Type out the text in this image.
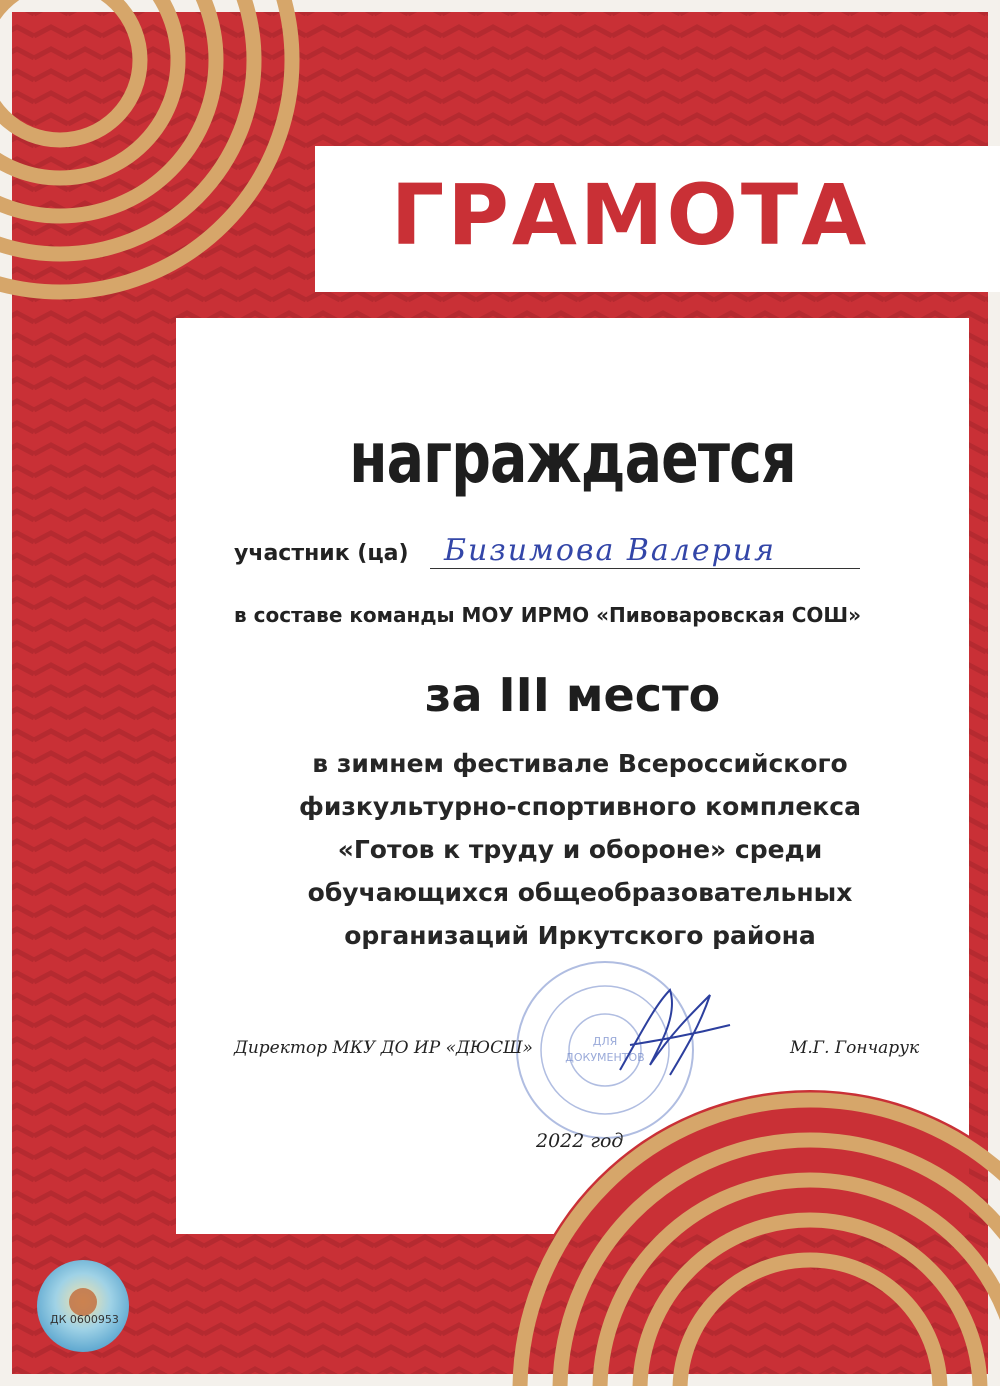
ГРАМОТА
награждается
участник (ца) Бизимова Валерия
в составе команды МОУ ИРМО «Пивоваровская СОШ»
за III место
в зимнем фестивале Всероссийского
физкультурно-спортивного комплекса
«Готов к труду и обороне» среди
обучающихся общеобразовательных
организаций Иркутского района
ДЛЯ
ДОКУМЕНТОВ
Директор МКУ ДО ИР «ДЮСШ»	М.Г. Гончарук
2022 год
ДК 0600953
